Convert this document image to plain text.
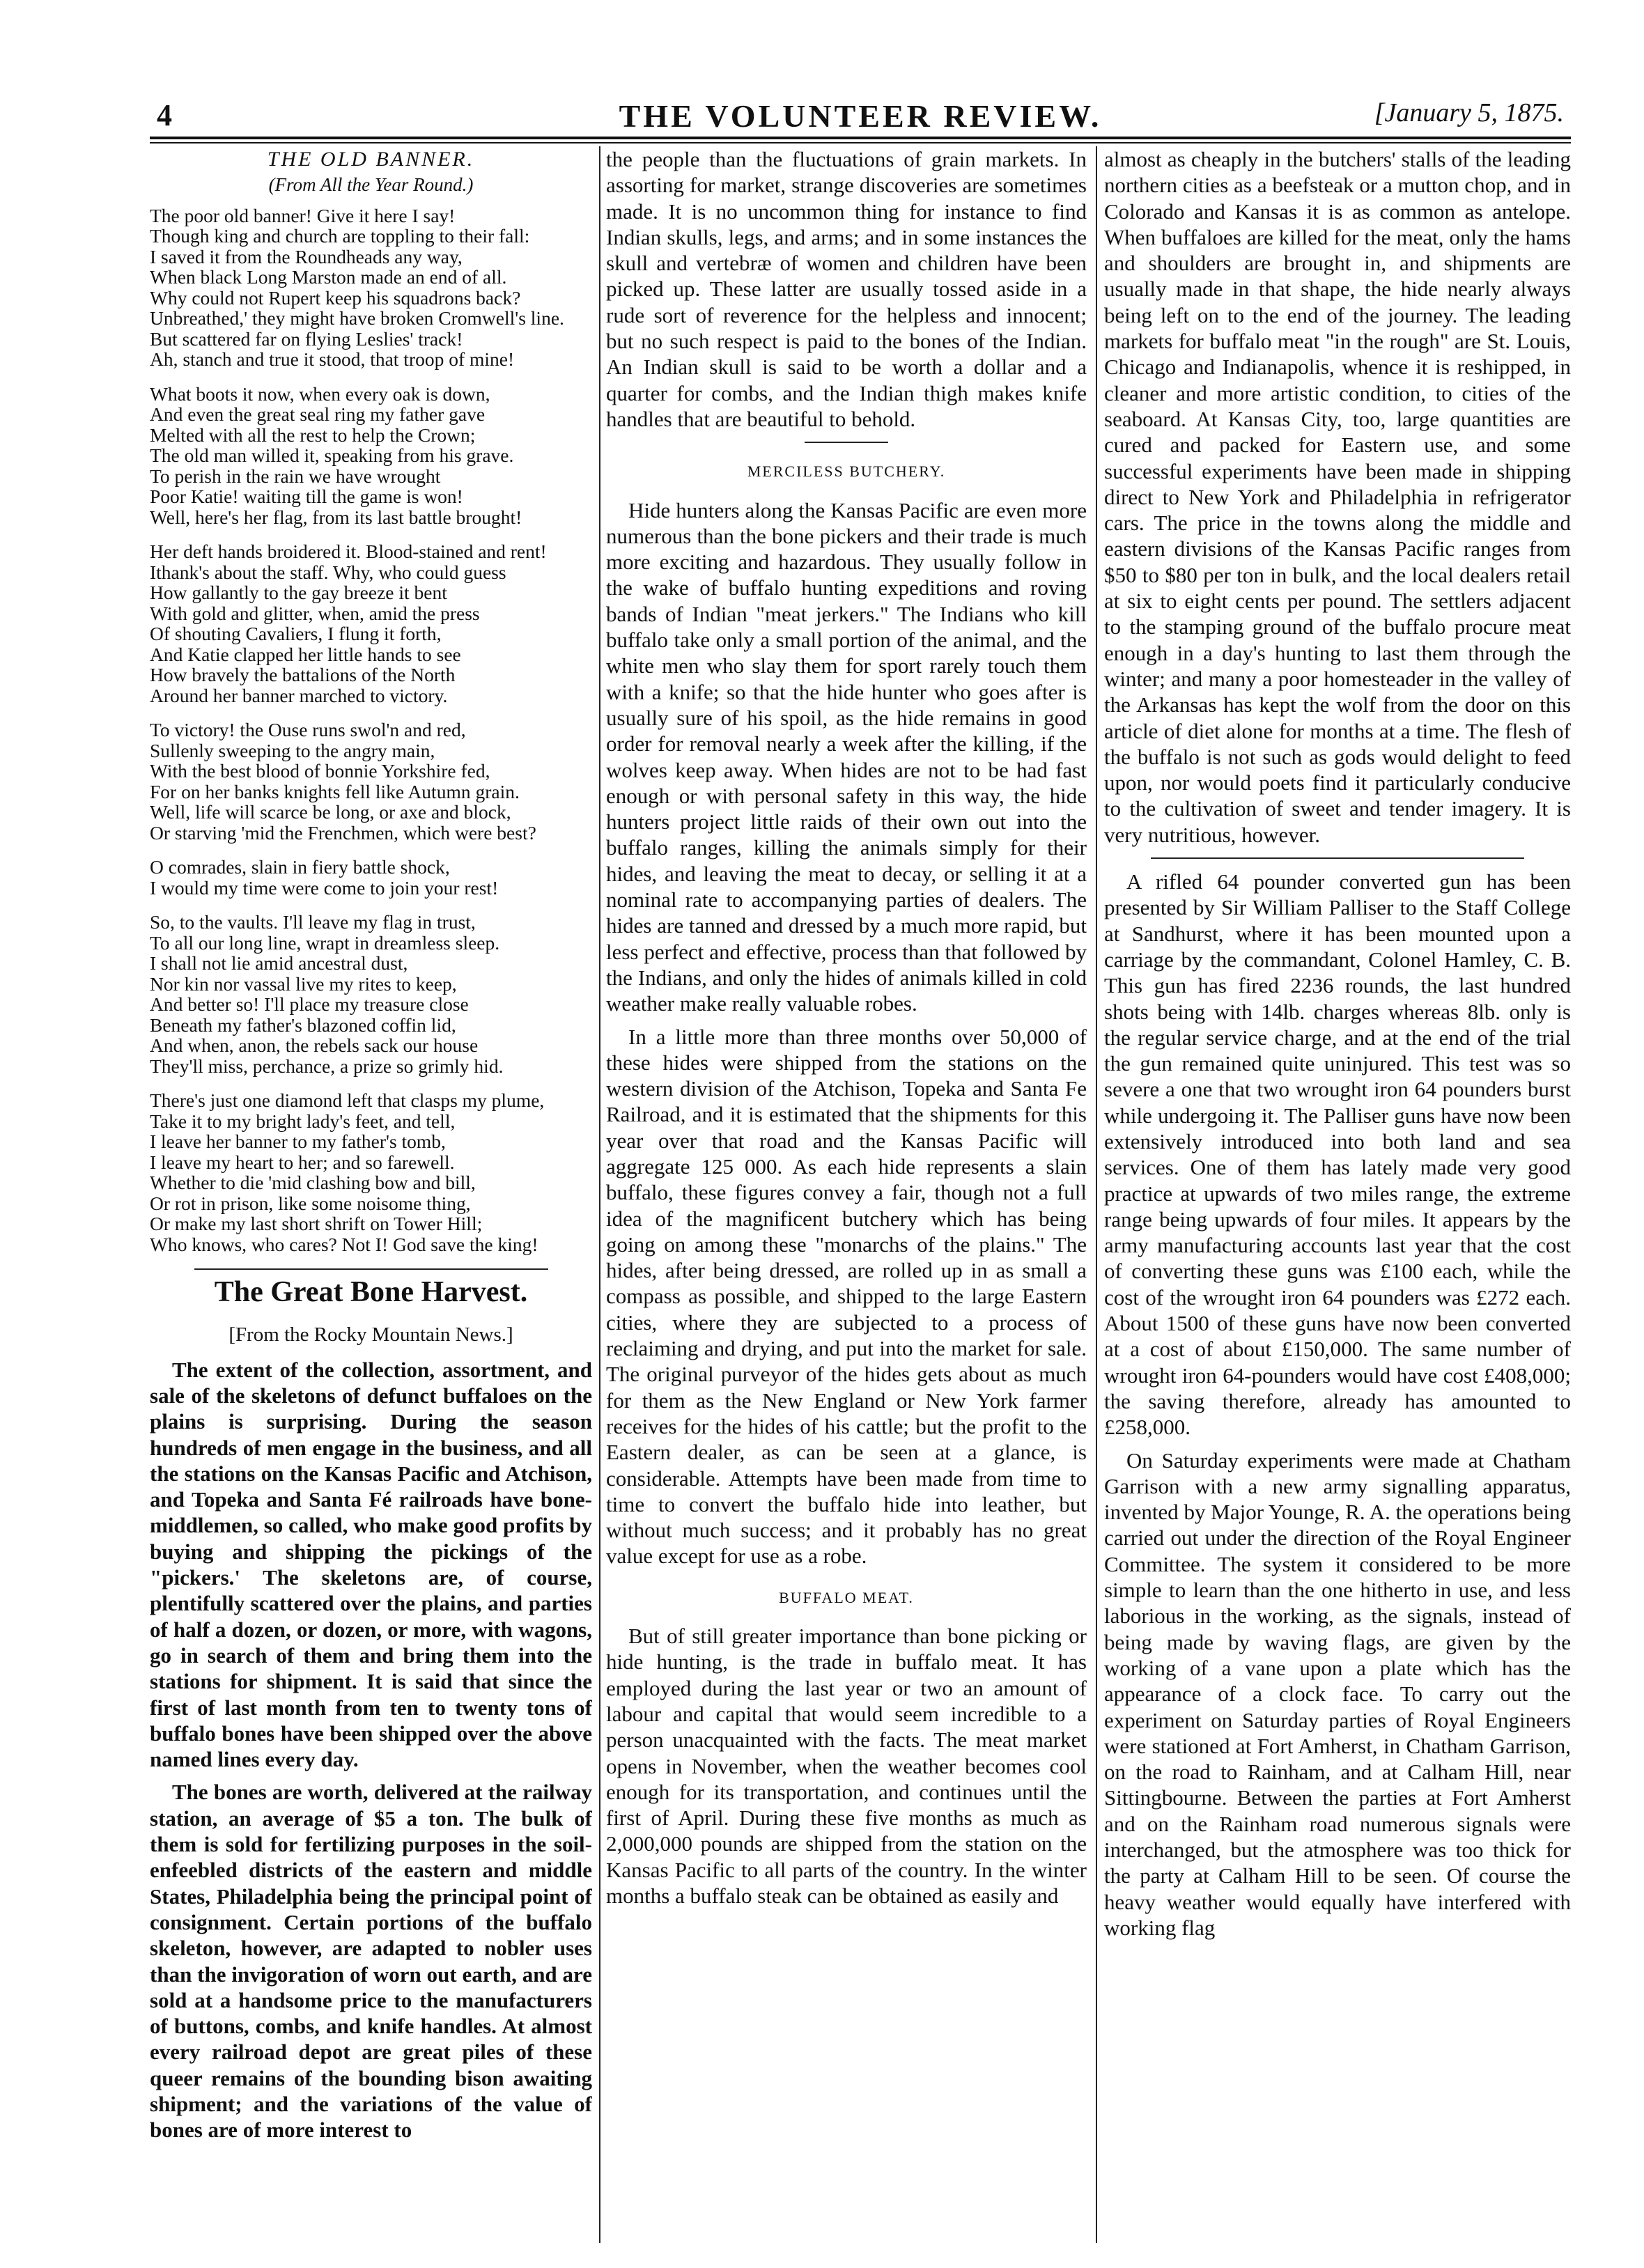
4	THE VOLUNTEER REVIEW.	[January 5, 1875.
THE OLD BANNER.
(From All the Year Round.)
The poor old banner! Give it here I say!
Though king and church are toppling to their fall:
I saved it from the Roundheads any way,
When black Long Marston made an end of all.
Why could not Rupert keep his squadrons back?
Unbreathed,' they might have broken Cromwell's line.
But scattered far on flying Leslies' track!
Ah, stanch and true it stood, that troop of mine!
What boots it now, when every oak is down,
And even the great seal ring my father gave
Melted with all the rest to help the Crown;
The old man willed it, speaking from his grave.
To perish in the rain we have wrought
Poor Katie! waiting till the game is won!
Well, here's her flag, from its last battle brought!
Her deft hands broidered it. Blood-stained and rent!
Ithank's about the staff. Why, who could guess
How gallantly to the gay breeze it bent
With gold and glitter, when, amid the press
Of shouting Cavaliers, I flung it forth,
And Katie clapped her little hands to see
How bravely the battalions of the North
Around her banner marched to victory.
To victory! the Ouse runs swol'n and red,
Sullenly sweeping to the angry main,
With the best blood of bonnie Yorkshire fed,
For on her banks knights fell like Autumn grain.
Well, life will scarce be long, or axe and block,
Or starving 'mid the Frenchmen, which were best?
O comrades, slain in fiery battle shock,
I would my time were come to join your rest!
So, to the vaults. I'll leave my flag in trust,
To all our long line, wrapt in dreamless sleep.
I shall not lie amid ancestral dust,
Nor kin nor vassal live my rites to keep,
And better so! I'll place my treasure close
Beneath my father's blazoned coffin lid,
And when, anon, the rebels sack our house
They'll miss, perchance, a prize so grimly hid.
There's just one diamond left that clasps my plume,
Take it to my bright lady's feet, and tell,
I leave her banner to my father's tomb,
I leave my heart to her; and so farewell.
Whether to die 'mid clashing bow and bill,
Or rot in prison, like some noisome thing,
Or make my last short shrift on Tower Hill;
Who knows, who cares? Not I! God save the king!
The Great Bone Harvest.
[From the Rocky Mountain News.]

The extent of the collection, assortment, and sale of the skeletons of defunct buffaloes on the plains is surprising. During the season hundreds of men engage in the business, and all the stations on the Kansas Pacific and Atchison, and Topeka and Santa Fé railroads have bone-middlemen, so called, who make good profits by buying and shipping the pickings of the "pickers.' The skeletons are, of course, plentifully scattered over the plains, and parties of half a dozen, or dozen, or more, with wagons, go in search of them and bring them into the stations for shipment. It is said that since the first of last month from ten to twenty tons of buffalo bones have been shipped over the above named lines every day.

The bones are worth, delivered at the railway station, an average of $5 a ton. The bulk of them is sold for fertilizing purposes in the soil-enfeebled districts of the eastern and middle States, Philadelphia being the principal point of consignment. Certain portions of the buffalo skeleton, however, are adapted to nobler uses than the invigoration of worn out earth, and are sold at a handsome price to the manufacturers of buttons, combs, and knife handles. At almost every railroad depot are great piles of these queer remains of the bounding bison awaiting shipment; and the variations of the value of bones are of more interest to

the people than the fluctuations of grain markets. In assorting for market, strange discoveries are sometimes made. It is no uncommon thing for instance to find Indian skulls, legs, and arms; and in some instances the skull and vertebræ of women and children have been picked up. These latter are usually tossed aside in a rude sort of reverence for the helpless and innocent; but no such respect is paid to the bones of the Indian. An Indian skull is said to be worth a dollar and a quarter for combs, and the Indian thigh makes knife handles that are beautiful to behold.

MERCILESS BUTCHERY.

Hide hunters along the Kansas Pacific are even more numerous than the bone pickers and their trade is much more exciting and hazardous. They usually follow in the wake of buffalo hunting expeditions and roving bands of Indian "meat jerkers." The Indians who kill buffalo take only a small portion of the animal, and the white men who slay them for sport rarely touch them with a knife; so that the hide hunter who goes after is usually sure of his spoil, as the hide remains in good order for removal nearly a week after the killing, if the wolves keep away. When hides are not to be had fast enough or with personal safety in this way, the hide hunters project little raids of their own out into the buffalo ranges, killing the animals simply for their hides, and leaving the meat to decay, or selling it at a nominal rate to accompanying parties of dealers. The hides are tanned and dressed by a much more rapid, but less perfect and effective, process than that followed by the Indians, and only the hides of animals killed in cold weather make really valuable robes.

In a little more than three months over 50,000 of these hides were shipped from the stations on the western division of the Atchison, Topeka and Santa Fe Railroad, and it is estimated that the shipments for this year over that road and the Kansas Pacific will aggregate 125 000. As each hide represents a slain buffalo, these figures convey a fair, though not a full idea of the magnificent butchery which has being going on among these "monarchs of the plains." The hides, after being dressed, are rolled up in as small a compass as possible, and shipped to the large Eastern cities, where they are subjected to a process of reclaiming and drying, and put into the market for sale. The original purveyor of the hides gets about as much for them as the New England or New York farmer receives for the hides of his cattle; but the profit to the Eastern dealer, as can be seen at a glance, is considerable. Attempts have been made from time to time to convert the buffalo hide into leather, but without much success; and it probably has no great value except for use as a robe.

BUFFALO MEAT.

But of still greater importance than bone picking or hide hunting, is the trade in buffalo meat. It has employed during the last year or two an amount of labour and capital that would seem incredible to a person unacquainted with the facts. The meat market opens in November, when the weather becomes cool enough for its transportation, and continues until the first of April. During these five months as much as 2,000,000 pounds are shipped from the station on the Kansas Pacific to all parts of the country. In the winter months a buffalo steak can be obtained as easily and

almost as cheaply in the butchers' stalls of the leading northern cities as a beefsteak or a mutton chop, and in Colorado and Kansas it is as common as antelope. When buffaloes are killed for the meat, only the hams and shoulders are brought in, and shipments are usually made in that shape, the hide nearly always being left on to the end of the journey. The leading markets for buffalo meat "in the rough" are St. Louis, Chicago and Indianapolis, whence it is reshipped, in cleaner and more artistic condition, to cities of the seaboard. At Kansas City, too, large quantities are cured and packed for Eastern use, and some successful experiments have been made in shipping direct to New York and Philadelphia in refrigerator cars. The price in the towns along the middle and eastern divisions of the Kansas Pacific ranges from $50 to $80 per ton in bulk, and the local dealers retail at six to eight cents per pound. The settlers adjacent to the stamping ground of the buffalo procure meat enough in a day's hunting to last them through the winter; and many a poor homesteader in the valley of the Arkansas has kept the wolf from the door on this article of diet alone for months at a time. The flesh of the buffalo is not such as gods would delight to feed upon, nor would poets find it particularly conducive to the cultivation of sweet and tender imagery. It is very nutritious, however.

A rifled 64 pounder converted gun has been presented by Sir William Palliser to the Staff College at Sandhurst, where it has been mounted upon a carriage by the commandant, Colonel Hamley, C. B. This gun has fired 2236 rounds, the last hundred shots being with 14lb. charges whereas 8lb. only is the regular service charge, and at the end of the trial the gun remained quite uninjured. This test was so severe a one that two wrought iron 64 pounders burst while undergoing it. The Palliser guns have now been extensively introduced into both land and sea services. One of them has lately made very good practice at upwards of two miles range, the extreme range being upwards of four miles. It appears by the army manufacturing accounts last year that the cost of converting these guns was £100 each, while the cost of the wrought iron 64 pounders was £272 each. About 1500 of these guns have now been converted at a cost of about £150,000. The same number of wrought iron 64-pounders would have cost £408,000; the saving therefore, already has amounted to £258,000.

On Saturday experiments were made at Chatham Garrison with a new army signalling apparatus, invented by Major Younge, R. A. the operations being carried out under the direction of the Royal Engineer Committee. The system it considered to be more simple to learn than the one hitherto in use, and less laborious in the working, as the signals, instead of being made by waving flags, are given by the working of a vane upon a plate which has the appearance of a clock face. To carry out the experiment on Saturday parties of Royal Engineers were stationed at Fort Amherst, in Chatham Garrison, on the road to Rainham, and at Calham Hill, near Sittingbourne. Between the parties at Fort Amherst and on the Rainham road numerous signals were interchanged, but the atmosphere was too thick for the party at Calham Hill to be seen. Of course the heavy weather would equally have interfered with working flag
